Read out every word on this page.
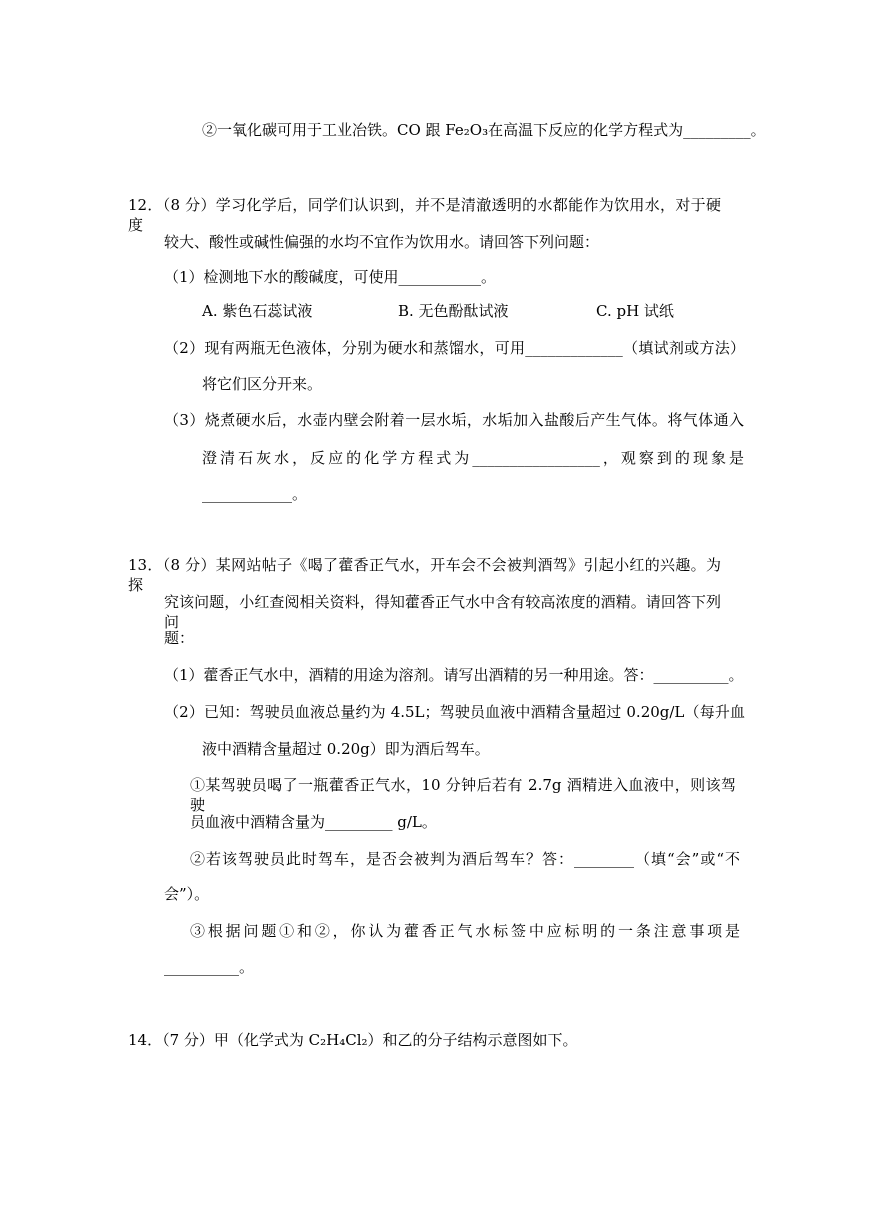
②一氧化碳可用于工业冶铁。CO 跟 Fe₂O₃在高温下反应的化学方程式为_________。
12．（8 分）学习化学后，同学们认识到，并不是清澈透明的水都能作为饮用水，对于硬度
较大、酸性或碱性偏强的水均不宜作为饮用水。请回答下列问题：
（1）检测地下水的酸碱度，可使用___________。
A. 紫色石蕊试液	B. 无色酚酞试液	C. pH 试纸
（2）现有两瓶无色液体，分别为硬水和蒸馏水，可用_____________（填试剂或方法）
将它们区分开来。
（3）烧煮硬水后，水壶内壁会附着一层水垢，水垢加入盐酸后产生气体。将气体通入
澄清石灰水，反应的化学方程式为_________________，观察到的现象是
____________。
13．（8 分）某网站帖子《喝了藿香正气水，开车会不会被判酒驾》引起小红的兴趣。为探
究该问题，小红查阅相关资料，得知藿香正气水中含有较高浓度的酒精。请回答下列问
题：
（1）藿香正气水中，酒精的用途为溶剂。请写出酒精的另一种用途。答：__________。
（2）已知：驾驶员血液总量约为 4.5L；驾驶员血液中酒精含量超过 0.20g/L（每升血
液中酒精含量超过 0.20g）即为酒后驾车。
①某驾驶员喝了一瓶藿香正气水，10 分钟后若有 2.7g 酒精进入血液中，则该驾驶
员血液中酒精含量为_________ g/L。
②若该驾驶员此时驾车，是否会被判为酒后驾车？答：________（填“会”或“不
会”）。
③根据问题①和②，你认为藿香正气水标签中应标明的一条注意事项是
__________。
14．（7 分）甲（化学式为 C₂H₄Cl₂）和乙的分子结构示意图如下。
